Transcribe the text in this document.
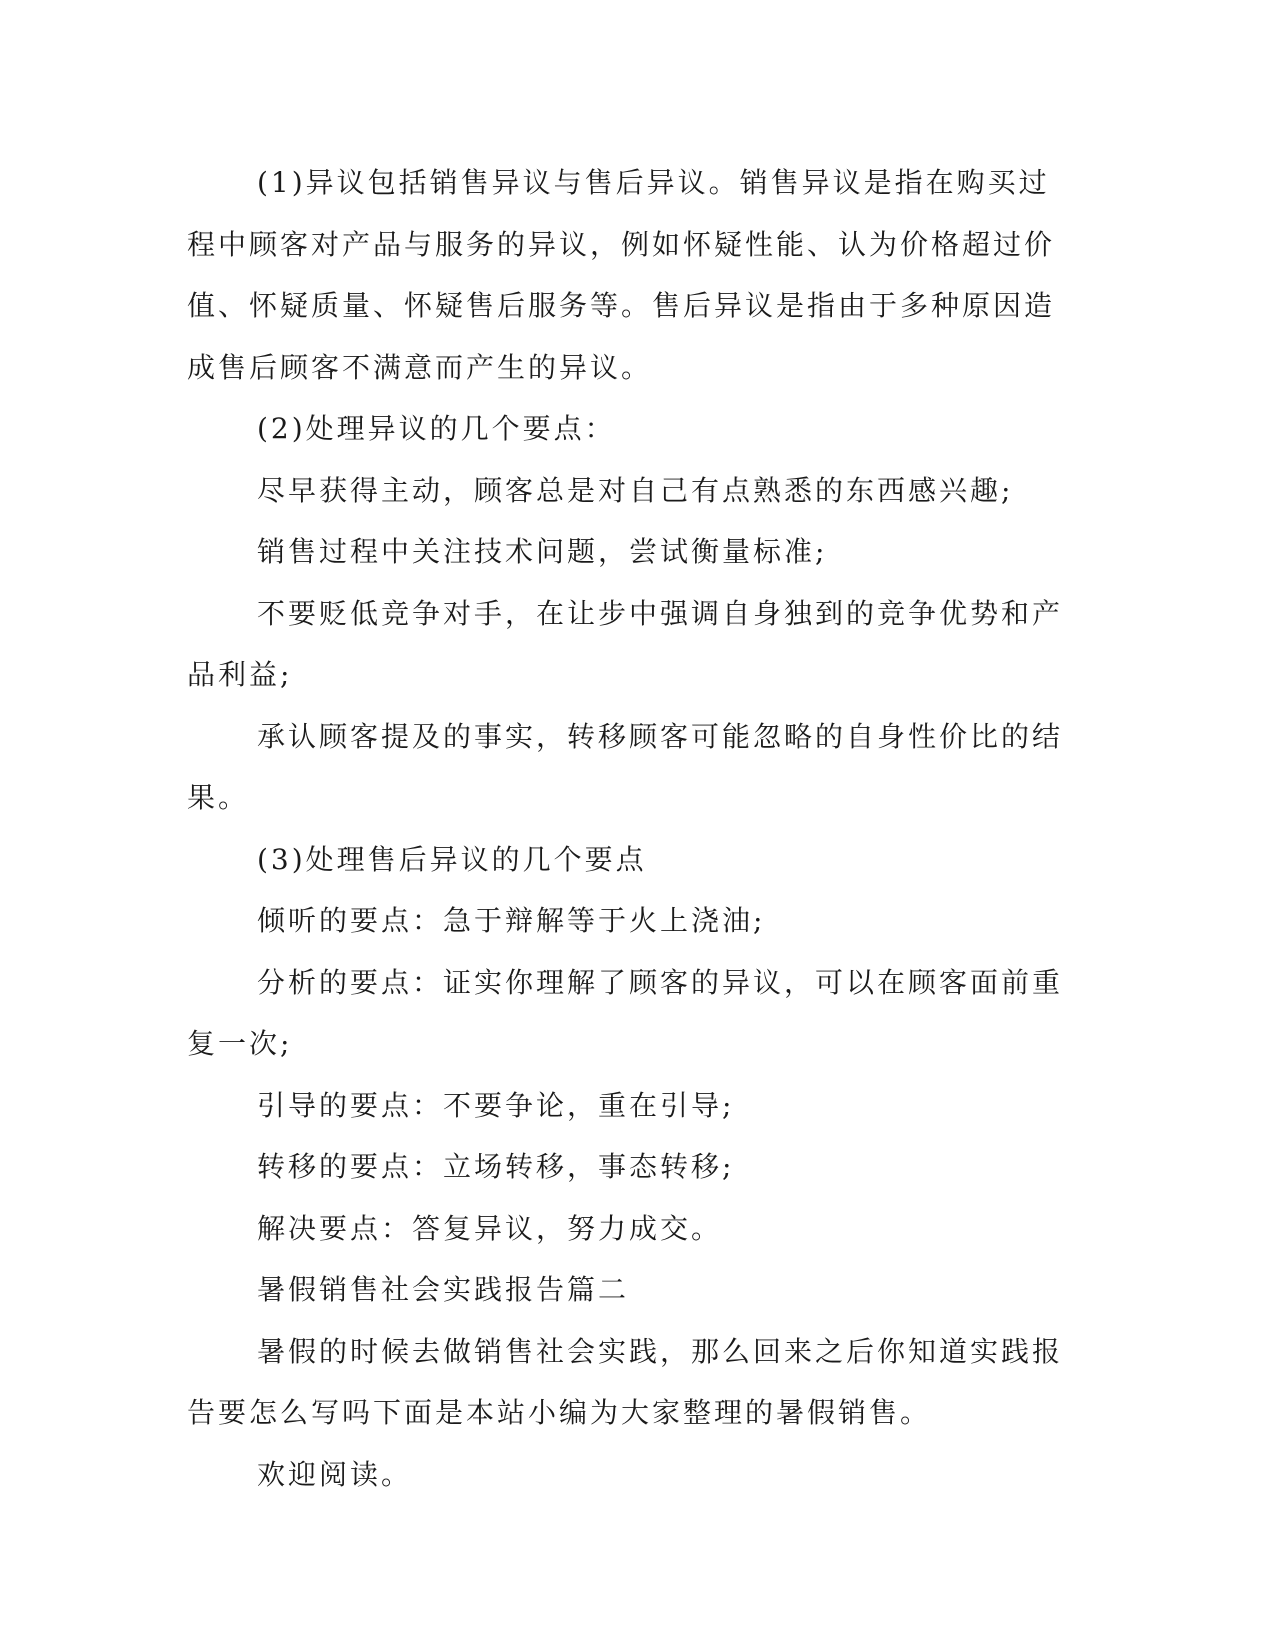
(1)异议包括销售异议与售后异议。销售异议是指在购买过程中顾客对产品与服务的异议，例如怀疑性能、认为价格超过价值、怀疑质量、怀疑售后服务等。售后异议是指由于多种原因造成售后顾客不满意而产生的异议。

(2)处理异议的几个要点：

尽早获得主动，顾客总是对自己有点熟悉的东西感兴趣;

销售过程中关注技术问题，尝试衡量标准;

不要贬低竞争对手，在让步中强调自身独到的竞争优势和产品利益;

承认顾客提及的事实，转移顾客可能忽略的自身性价比的结果。

(3)处理售后异议的几个要点

倾听的要点：急于辩解等于火上浇油;

分析的要点：证实你理解了顾客的异议，可以在顾客面前重复一次;

引导的要点：不要争论，重在引导;

转移的要点：立场转移，事态转移;

解决要点：答复异议，努力成交。

暑假销售社会实践报告篇二

暑假的时候去做销售社会实践，那么回来之后你知道实践报告要怎么写吗下面是本站小编为大家整理的暑假销售。

欢迎阅读。
